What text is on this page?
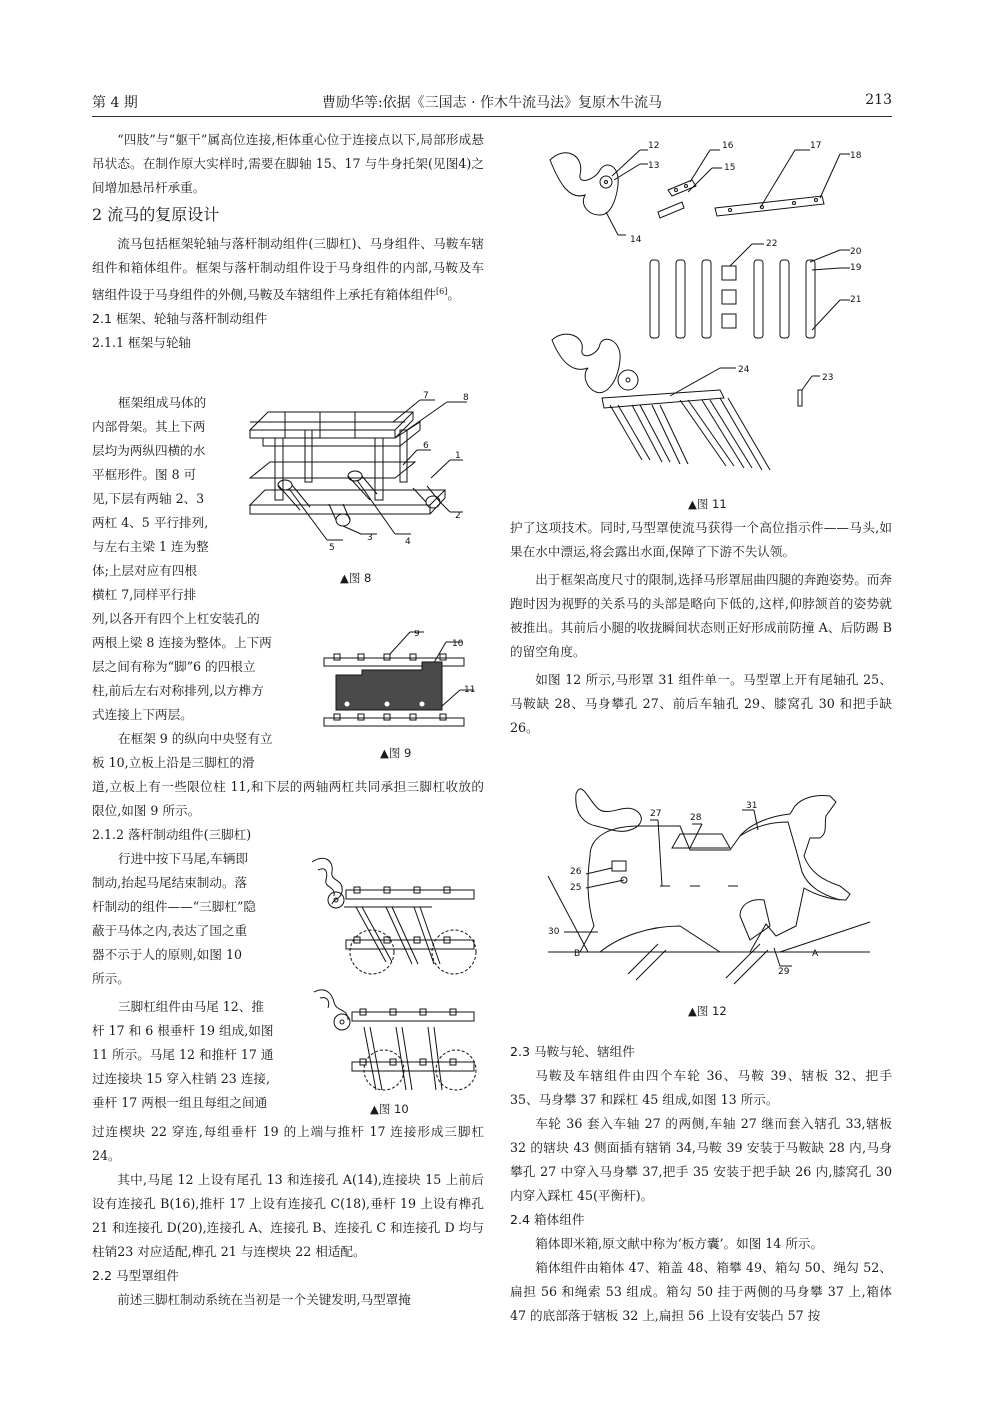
第 4 期	曹励华等:依据《三国志 · 作木牛流马法》复原木牛流马	213

“四肢”与“躯干”属高位连接,柜体重心位于连接点以下,局部形成悬吊状态。在制作原大实样时,需要在脚轴 15、17 与牛身托架(见图4)之间增加悬吊杆承重。

2 流马的复原设计

流马包括框架轮轴与落杆制动组件(三脚杠)、马身组件、马鞍车辖组件和箱体组件。框架与落杆制动组件设于马身组件的内部,马鞍及车辖组件设于马身组件的外侧,马鞍及车辖组件上承托有箱体组件[6]。

2.1 框架、轮轴与落杆制动组件
2.1.1 框架与轮轴
框架组成马体的
内部骨架。其上下两
层均为两纵四横的水
平框形件。图 8 可
见,下层有两轴 2、3
两杠 4、5 平行排列,
与左右主梁 1 连为整
体;上层对应有四根
横杠 7,同样平行排
7	8
6
1
2
5
3	4
▲图 8
列,以各开有四个上杠安装孔的
两根上梁 8 连接为整体。上下两
层之间有称为“脚”6 的四根立
柱,前后左右对称排列,以方榫方
式连接上下两层。
在框架 9 的纵向中央竖有立
板 10,立板上沿是三脚杠的滑
9
10
11
▲图 9

道,立板上有一些限位柱 11,和下层的两轴两杠共同承担三脚杠收放的限位,如图 9 所示。

2.1.2 落杆制动组件(三脚杠)
行进中按下马尾,车辆即
制动,抬起马尾结束制动。落
杆制动的组件——“三脚杠”隐
蔽于马体之内,表达了国之重
器不示于人的原则,如图 10
所示。
三脚杠组件由马尾 12、推
杆 17 和 6 根垂杆 19 组成,如图
11 所示。马尾 12 和推杆 17 通
过连接块 15 穿入柱销 23 连接,
垂杆 17 两根一组且每组之间通	▲图 10

过连楔块 22 穿连,每组垂杆 19 的上端与推杆 17 连接形成三脚杠 24。

其中,马尾 12 上设有尾孔 13 和连接孔 A(14),连接块 15 上前后设有连接孔 B(16),推杆 17 上设有连接孔 C(18),垂杆 19 上设有榫孔 21 和连接孔 D(20),连接孔 A、连接孔 B、连接孔 C 和连接孔 D 均与柱销23 对应适配,榫孔 21 与连楔块 22 相适配。

2.2 马型罩组件

前述三脚杠制动系统在当初是一个关键发明,马型罩掩

12
13
14
16
15
17
18
22
20
19
21
24
23
▲图 11

护了这项技术。同时,马型罩使流马获得一个高位指示件——马头,如果在水中漂运,将会露出水面,保障了下游不失认领。

出于框架高度尺寸的限制,选择马形罩屈曲四腿的奔跑姿势。而奔跑时因为视野的关系马的头部是略向下低的,这样,仰脖颔首的姿势就被推出。其前后小腿的收拢瞬间状态则正好形成前防撞 A、后防踢 B 的留空角度。

如图 12 所示,马形罩 31 组件单一。马型罩上开有尾轴孔 25、马鞍缺 28、马身攀孔 27、前后车轴孔 29、膝窝孔 30 和把手缺 26。

31
27	28
26
25
30
B	A
29
▲图 12
2.3 马鞍与轮、辖组件

马鞍及车辖组件由四个车轮 36、马鞍 39、辖板 32、把手 35、马身攀 37 和踩杠 45 组成,如图 13 所示。

车轮 36 套入车轴 27 的两侧,车轴 27 继而套入辖孔 33,辖板 32 的辖块 43 侧面插有辖销 34,马鞍 39 安装于马鞍缺 28 内,马身攀孔 27 中穿入马身攀 37,把手 35 安装于把手缺 26 内,膝窝孔 30 内穿入踩杠 45(平衡杆)。

2.4 箱体组件

箱体即米箱,原文献中称为‘板方囊’。如图 14 所示。

箱体组件由箱体 47、箱盖 48、箱攀 49、箱勾 50、绳勾 52、扁担 56 和绳索 53 组成。箱勾 50 挂于两侧的马身攀 37 上,箱体 47 的底部落于辖板 32 上,扁担 56 上设有安装凸 57 按
